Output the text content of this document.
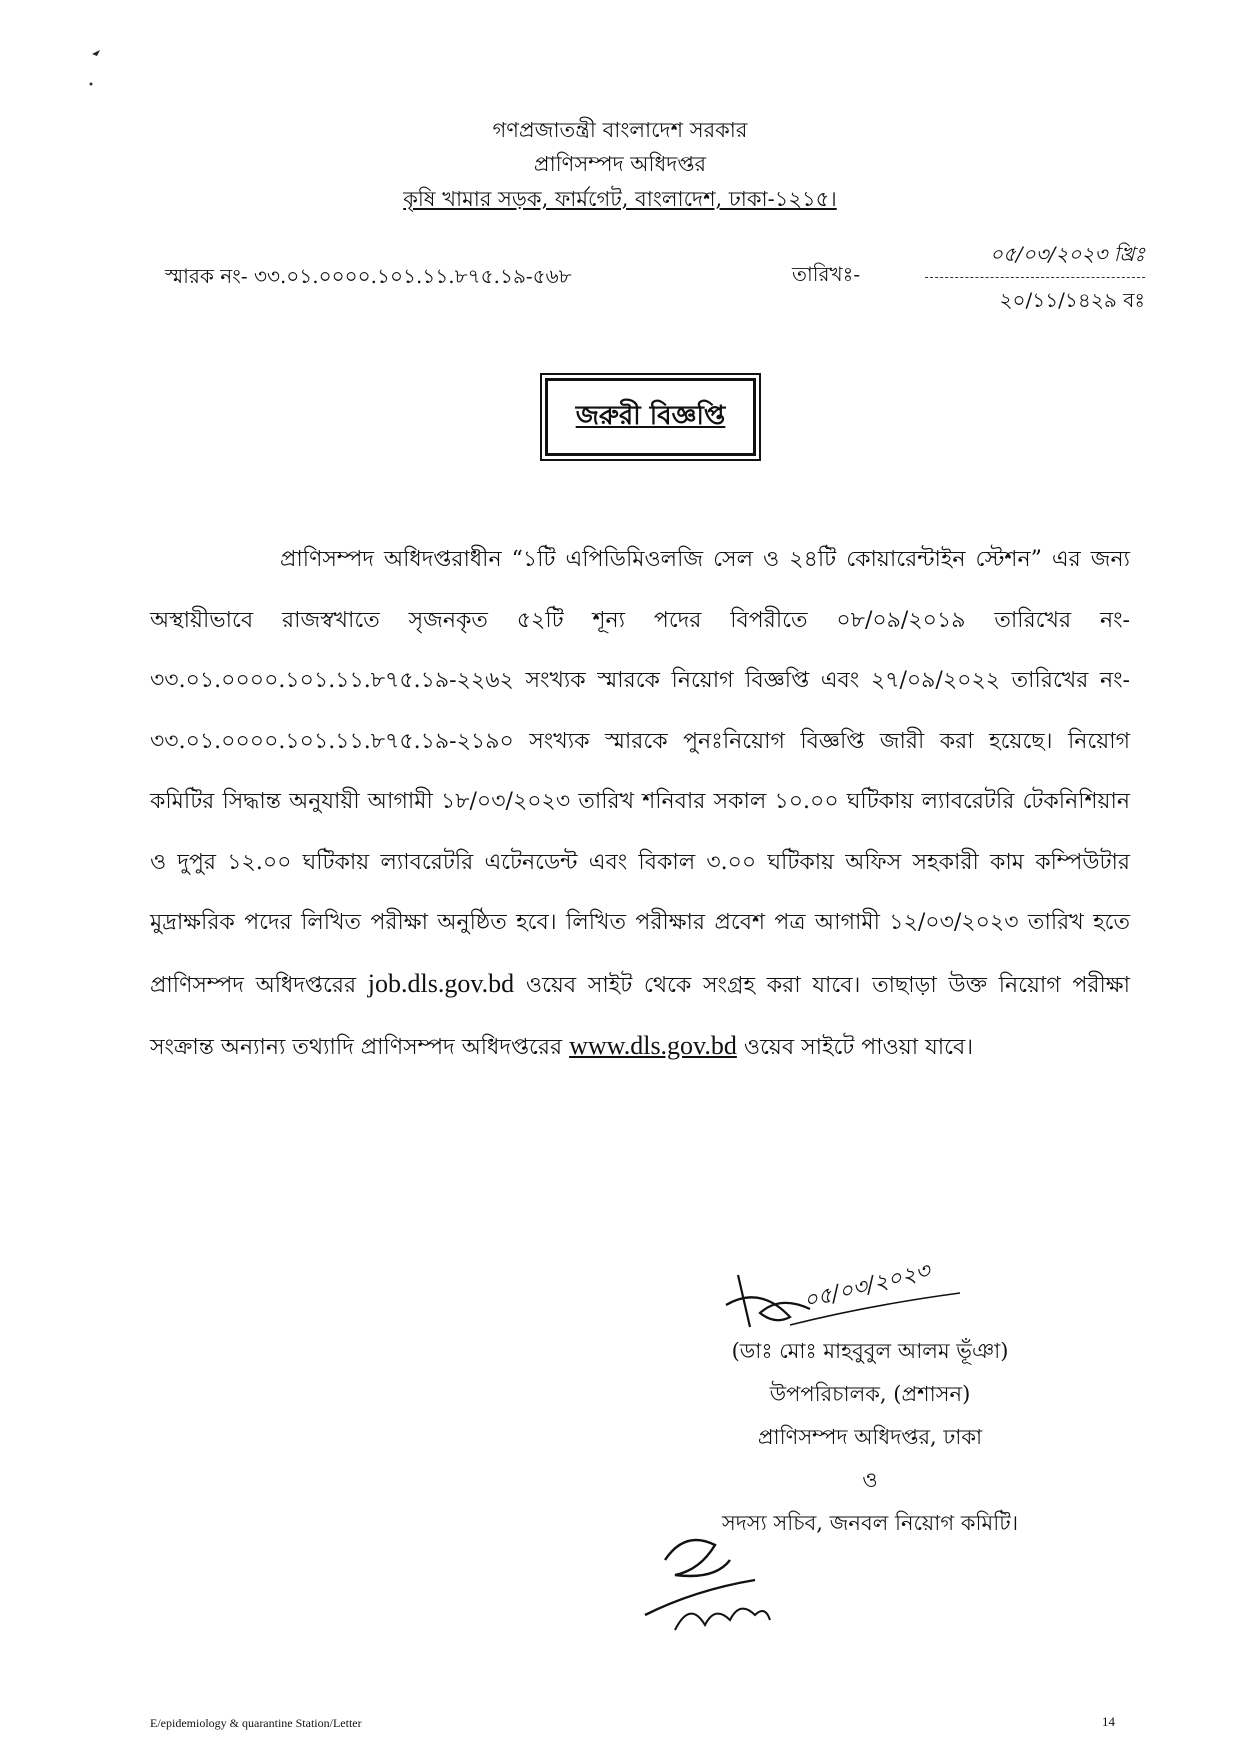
গণপ্রজাতন্ত্রী বাংলাদেশ সরকার
প্রাণিসম্পদ অধিদপ্তর
কৃষি খামার সড়ক, ফার্মগেট, বাংলাদেশ, ঢাকা-১২১৫।
স্মারক নং- ৩৩.০১.০০০০.১০১.১১.৮৭৫.১৯-৫৬৮	তারিখঃ-
০৫/০৩/২০২৩ খ্রিঃ
২০/১১/১৪২৯ বঃ
জরুরী বিজ্ঞপ্তি
প্রাণিসম্পদ অধিদপ্তরাধীন “১টি এপিডিমিওলজি সেল ও ২৪টি কোয়ারেন্টাইন স্টেশন” এর জন্য অস্থায়ীভাবে রাজস্বখাতে সৃজনকৃত ৫২টি শূন্য পদের বিপরীতে ০৮/০৯/২০১৯ তারিখের নং- ৩৩.০১.০০০০.১০১.১১.৮৭৫.১৯-২২৬২ সংখ্যক স্মারকে নিয়োগ বিজ্ঞপ্তি এবং ২৭/০৯/২০২২ তারিখের নং- ৩৩.০১.০০০০.১০১.১১.৮৭৫.১৯-২১৯০ সংখ্যক স্মারকে পুনঃনিয়োগ বিজ্ঞপ্তি জারী করা হয়েছে। নিয়োগ কমিটির সিদ্ধান্ত অনুযায়ী আগামী ১৮/০৩/২০২৩ তারিখ শনিবার সকাল ১০.০০ ঘটিকায় ল্যাবরেটরি টেকনিশিয়ান ও দুপুর ১২.০০ ঘটিকায় ল্যাবরেটরি এটেনডেন্ট এবং বিকাল ৩.০০ ঘটিকায় অফিস সহকারী কাম কম্পিউটার মুদ্রাক্ষরিক পদের লিখিত পরীক্ষা অনুষ্ঠিত হবে। লিখিত পরীক্ষার প্রবেশ পত্র আগামী ১২/০৩/২০২৩ তারিখ হতে প্রাণিসম্পদ অধিদপ্তরের job.dls.gov.bd ওয়েব সাইট থেকে সংগ্রহ করা যাবে। তাছাড়া উক্ত নিয়োগ পরীক্ষা সংক্রান্ত অন্যান্য তথ্যাদি প্রাণিসম্পদ অধিদপ্তরের www.dls.gov.bd ওয়েব সাইটে পাওয়া যাবে।
০৫/০৩/২০২৩
(ডাঃ মোঃ মাহবুবুল আলম ভূঁঞা)
উপপরিচালক, (প্রশাসন)
প্রাণিসম্পদ অধিদপ্তর, ঢাকা
ও
সদস্য সচিব, জনবল নিয়োগ কমিটি।
E/epidemiology & quarantine Station/Letter	14
